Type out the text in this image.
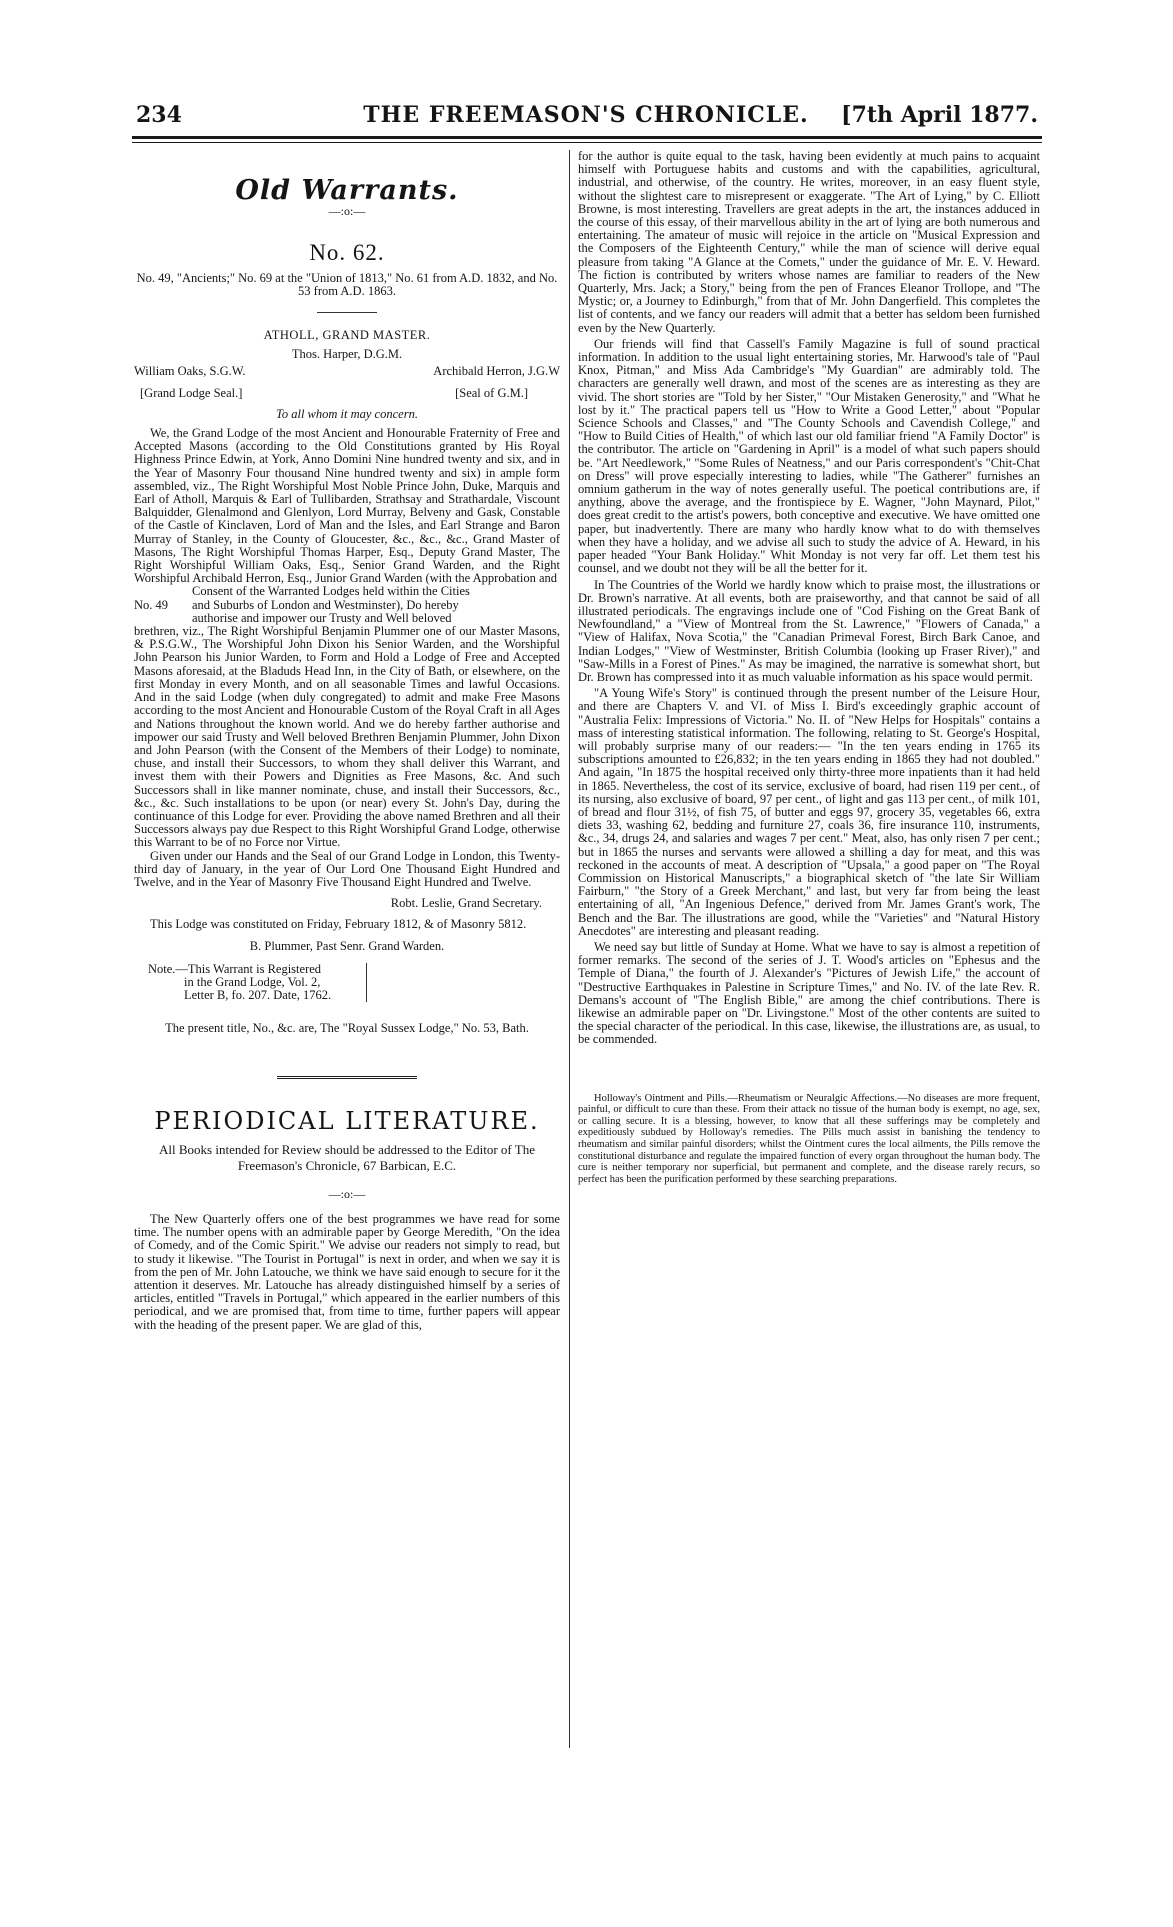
234	THE FREEMASON'S CHRONICLE.	[7th April 1877.
Old Warrants.
—:o:—
No. 62.
No. 49, "Ancients;" No. 69 at the "Union of 1813," No. 61 from A.D. 1832, and No. 53 from A.D. 1863.
ATHOLL, GRAND MASTER.
Thos. Harper, D.G.M.
William Oaks, S.G.W.	Archibald Herron, J.G.W
[Grand Lodge Seal.]	[Seal of G.M.]
To all whom it may concern.

We, the Grand Lodge of the most Ancient and Honourable Fraternity of Free and Accepted Masons (according to the Old Constitutions granted by His Royal Highness Prince Edwin, at York, Anno Domini Nine hundred twenty and six, and in the Year of Masonry Four thousand Nine hundred twenty and six) in ample form assembled, viz., The Right Worshipful Most Noble Prince John, Duke, Marquis and Earl of Atholl, Marquis & Earl of Tullibarden, Strathsay and Strathardale, Viscount Balquidder, Glenalmond and Glenlyon, Lord Murray, Belveny and Gask, Constable of the Castle of Kinclaven, Lord of Man and the Isles, and Earl Strange and Baron Murray of Stanley, in the County of Gloucester, &c., &c., &c., Grand Master of Masons, The Right Worshipful Thomas Harper, Esq., Deputy Grand Master, The Right Worshipful William Oaks, Esq., Senior Grand Warden, and the Right Worshipful Archibald Herron, Esq., Junior Grand Warden (with the Approbation and

Consent of the Warranted Lodges held within the Cities

No. 49	and Suburbs of London and Westminster), Do hereby

authorise and impower our Trusty and Well beloved

brethren, viz., The Right Worshipful Benjamin Plummer one of our Master Masons, & P.S.G.W., The Worshipful John Dixon his Senior Warden, and the Worshipful John Pearson his Junior Warden, to Form and Hold a Lodge of Free and Accepted Masons aforesaid, at the Bladuds Head Inn, in the City of Bath, or elsewhere, on the first Monday in every Month, and on all seasonable Times and lawful Occasions. And in the said Lodge (when duly congregated) to admit and make Free Masons according to the most Ancient and Honourable Custom of the Royal Craft in all Ages and Nations throughout the known world. And we do hereby farther authorise and impower our said Trusty and Well beloved Brethren Benjamin Plummer, John Dixon and John Pearson (with the Consent of the Members of their Lodge) to nominate, chuse, and install their Successors, to whom they shall deliver this Warrant, and invest them with their Powers and Dignities as Free Masons, &c. And such Successors shall in like manner nominate, chuse, and install their Successors, &c., &c., &c. Such installations to be upon (or near) every St. John's Day, during the continuance of this Lodge for ever. Providing the above named Brethren and all their Successors always pay due Respect to this Right Worshipful Grand Lodge, otherwise this Warrant to be of no Force nor Virtue.

Given under our Hands and the Seal of our Grand Lodge in London, this Twenty-third day of January, in the year of Our Lord One Thousand Eight Hundred and Twelve, and in the Year of Masonry Five Thousand Eight Hundred and Twelve.

Robt. Leslie, Grand Secretary.

This Lodge was constituted on Friday, February 1812, & of Masonry 5812.

B. Plummer, Past Senr. Grand Warden.

Note.—This Warrant is Registered

in the Grand Lodge, Vol. 2,

Letter B, fo. 207. Date, 1762.

The present title, No., &c. are, The "Royal Sussex Lodge," No. 53, Bath.
PERIODICAL LITERATURE.
All Books intended for Review should be addressed to the Editor of The Freemason's Chronicle, 67 Barbican, E.C.
—:o:—

The New Quarterly offers one of the best programmes we have read for some time. The number opens with an admirable paper by George Meredith, "On the idea of Comedy, and of the Comic Spirit." We advise our readers not simply to read, but to study it likewise. "The Tourist in Portugal" is next in order, and when we say it is from the pen of Mr. John Latouche, we think we have said enough to secure for it the attention it deserves. Mr. Latouche has already distinguished himself by a series of articles, entitled "Travels in Portugal," which appeared in the earlier numbers of this periodical, and we are promised that, from time to time, further papers will appear with the heading of the present paper. We are glad of this,

for the author is quite equal to the task, having been evidently at much pains to acquaint himself with Portuguese habits and customs and with the capabilities, agricultural, industrial, and otherwise, of the country. He writes, moreover, in an easy fluent style, without the slightest care to misrepresent or exaggerate. "The Art of Lying," by C. Elliott Browne, is most interesting. Travellers are great adepts in the art, the instances adduced in the course of this essay, of their marvellous ability in the art of lying are both numerous and entertaining. The amateur of music will rejoice in the article on "Musical Expression and the Composers of the Eighteenth Century," while the man of science will derive equal pleasure from taking "A Glance at the Comets," under the guidance of Mr. E. V. Heward. The fiction is contributed by writers whose names are familiar to readers of the New Quarterly, Mrs. Jack; a Story," being from the pen of Frances Eleanor Trollope, and "The Mystic; or, a Journey to Edinburgh," from that of Mr. John Dangerfield. This completes the list of contents, and we fancy our readers will admit that a better has seldom been furnished even by the New Quarterly.

Our friends will find that Cassell's Family Magazine is full of sound practical information. In addition to the usual light entertaining stories, Mr. Harwood's tale of "Paul Knox, Pitman," and Miss Ada Cambridge's "My Guardian" are admirably told. The characters are generally well drawn, and most of the scenes are as interesting as they are vivid. The short stories are "Told by her Sister," "Our Mistaken Generosity," and "What he lost by it." The practical papers tell us "How to Write a Good Letter," about "Popular Science Schools and Classes," and "The County Schools and Cavendish College," and "How to Build Cities of Health," of which last our old familiar friend "A Family Doctor" is the contributor. The article on "Gardening in April" is a model of what such papers should be. "Art Needlework," "Some Rules of Neatness," and our Paris correspondent's "Chit-Chat on Dress" will prove especially interesting to ladies, while "The Gatherer" furnishes an omnium gatherum in the way of notes generally useful. The poetical contributions are, if anything, above the average, and the frontispiece by E. Wagner, "John Maynard, Pilot," does great credit to the artist's powers, both conceptive and executive. We have omitted one paper, but inadvertently. There are many who hardly know what to do with themselves when they have a holiday, and we advise all such to study the advice of A. Heward, in his paper headed "Your Bank Holiday." Whit Monday is not very far off. Let them test his counsel, and we doubt not they will be all the better for it.

In The Countries of the World we hardly know which to praise most, the illustrations or Dr. Brown's narrative. At all events, both are praiseworthy, and that cannot be said of all illustrated periodicals. The engravings include one of "Cod Fishing on the Great Bank of Newfoundland," a "View of Montreal from the St. Lawrence," "Flowers of Canada," a "View of Halifax, Nova Scotia," the "Canadian Primeval Forest, Birch Bark Canoe, and Indian Lodges," "View of Westminster, British Columbia (looking up Fraser River)," and "Saw-Mills in a Forest of Pines." As may be imagined, the narrative is somewhat short, but Dr. Brown has compressed into it as much valuable information as his space would permit.

"A Young Wife's Story" is continued through the present number of the Leisure Hour, and there are Chapters V. and VI. of Miss I. Bird's exceedingly graphic account of "Australia Felix: Impressions of Victoria." No. II. of "New Helps for Hospitals" contains a mass of interesting statistical information. The following, relating to St. George's Hospital, will probably surprise many of our readers:— "In the ten years ending in 1765 its subscriptions amounted to £26,832; in the ten years ending in 1865 they had not doubled." And again, "In 1875 the hospital received only thirty-three more inpatients than it had held in 1865. Nevertheless, the cost of its service, exclusive of board, had risen 119 per cent., of its nursing, also exclusive of board, 97 per cent., of light and gas 113 per cent., of milk 101, of bread and flour 31½, of fish 75, of butter and eggs 97, grocery 35, vegetables 66, extra diets 33, washing 62, bedding and furniture 27, coals 36, fire insurance 110, instruments, &c., 34, drugs 24, and salaries and wages 7 per cent." Meat, also, has only risen 7 per cent.; but in 1865 the nurses and servants were allowed a shilling a day for meat, and this was reckoned in the accounts of meat. A description of "Upsala," a good paper on "The Royal Commission on Historical Manuscripts," a biographical sketch of "the late Sir William Fairburn," "the Story of a Greek Merchant," and last, but very far from being the least entertaining of all, "An Ingenious Defence," derived from Mr. James Grant's work, The Bench and the Bar. The illustrations are good, while the "Varieties" and "Natural History Anecdotes" are interesting and pleasant reading.

We need say but little of Sunday at Home. What we have to say is almost a repetition of former remarks. The second of the series of J. T. Wood's articles on "Ephesus and the Temple of Diana," the fourth of J. Alexander's "Pictures of Jewish Life," the account of "Destructive Earthquakes in Palestine in Scripture Times," and No. IV. of the late Rev. R. Demans's account of "The English Bible," are among the chief contributions. There is likewise an admirable paper on "Dr. Livingstone." Most of the other contents are suited to the special character of the periodical. In this case, likewise, the illustrations are, as usual, to be commended.

Holloway's Ointment and Pills.—Rheumatism or Neuralgic Affections.—No diseases are more frequent, painful, or difficult to cure than these. From their attack no tissue of the human body is exempt, no age, sex, or calling secure. It is a blessing, however, to know that all these sufferings may be completely and expeditiously subdued by Holloway's remedies. The Pills much assist in banishing the tendency to rheumatism and similar painful disorders; whilst the Ointment cures the local ailments, the Pills remove the constitutional disturbance and regulate the impaired function of every organ throughout the human body. The cure is neither temporary nor superficial, but permanent and complete, and the disease rarely recurs, so perfect has been the purification performed by these searching preparations.
